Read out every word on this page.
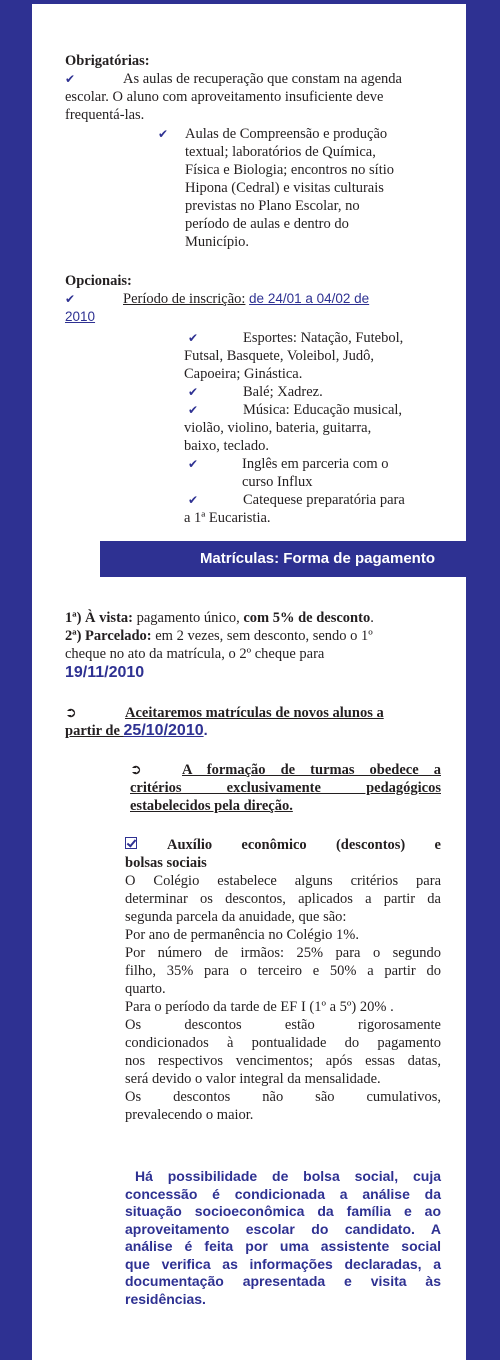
Obrigatórias:
✔	As aulas de recuperação que constam na agenda
escolar. O aluno com aproveitamento insuficiente deve
frequentá-las.
✔ Aulas de Compreensão e produção
textual; laboratórios de Química,
Física e Biologia; encontros no sítio
Hipona (Cedral) e visitas culturais
previstas no Plano Escolar, no
período de aulas e dentro do
Município.
Opcionais:
✔	Período de inscrição: de 24/01 a 04/02 de
2010
✔	Esportes: Natação, Futebol,
Futsal, Basquete, Voleibol, Judô,
Capoeira; Ginástica.
✔	Balé; Xadrez.
✔	Música: Educação musical,
violão, violino, bateria, guitarra,
baixo, teclado.
✔	Inglês em parceria com o
curso Influx
✔	Catequese preparatória para
a 1ª Eucaristia.
Matrículas: Forma de pagamento
1ª) À vista: pagamento único, com 5% de desconto.
2ª) Parcelado: em 2 vezes, sem desconto, sendo o 1º
cheque no ato da matrícula, o 2º cheque para
19/11/2010
➲	Aceitaremos matrículas de novos alunos a
partir de 25/10/2010.
➲	A formação de turmas obedece a
critérios exclusivamente pedagógicos
estabelecidos pela direção.
Auxílio econômico (descontos) e
bolsas sociais
O Colégio estabelece alguns critérios para
determinar os descontos, aplicados a partir da
segunda parcela da anuidade, que são:
Por ano de permanência no Colégio 1%.
Por número de irmãos: 25% para o segundo
filho, 35% para o terceiro e 50% a partir do
quarto.
Para o período da tarde de EF I (1º a 5º) 20% .
Os descontos estão rigorosamente
condicionados à pontualidade do pagamento
nos respectivos vencimentos; após essas datas,
será devido o valor integral da mensalidade.
Os descontos não são cumulativos,
prevalecendo o maior.
Há possibilidade de bolsa social, cuja
concessão é condicionada a análise da
situação socioeconômica da família e ao
aproveitamento escolar do candidato. A
análise é feita por uma assistente social
que verifica as informações declaradas, a
documentação apresentada e visita às
residências.
